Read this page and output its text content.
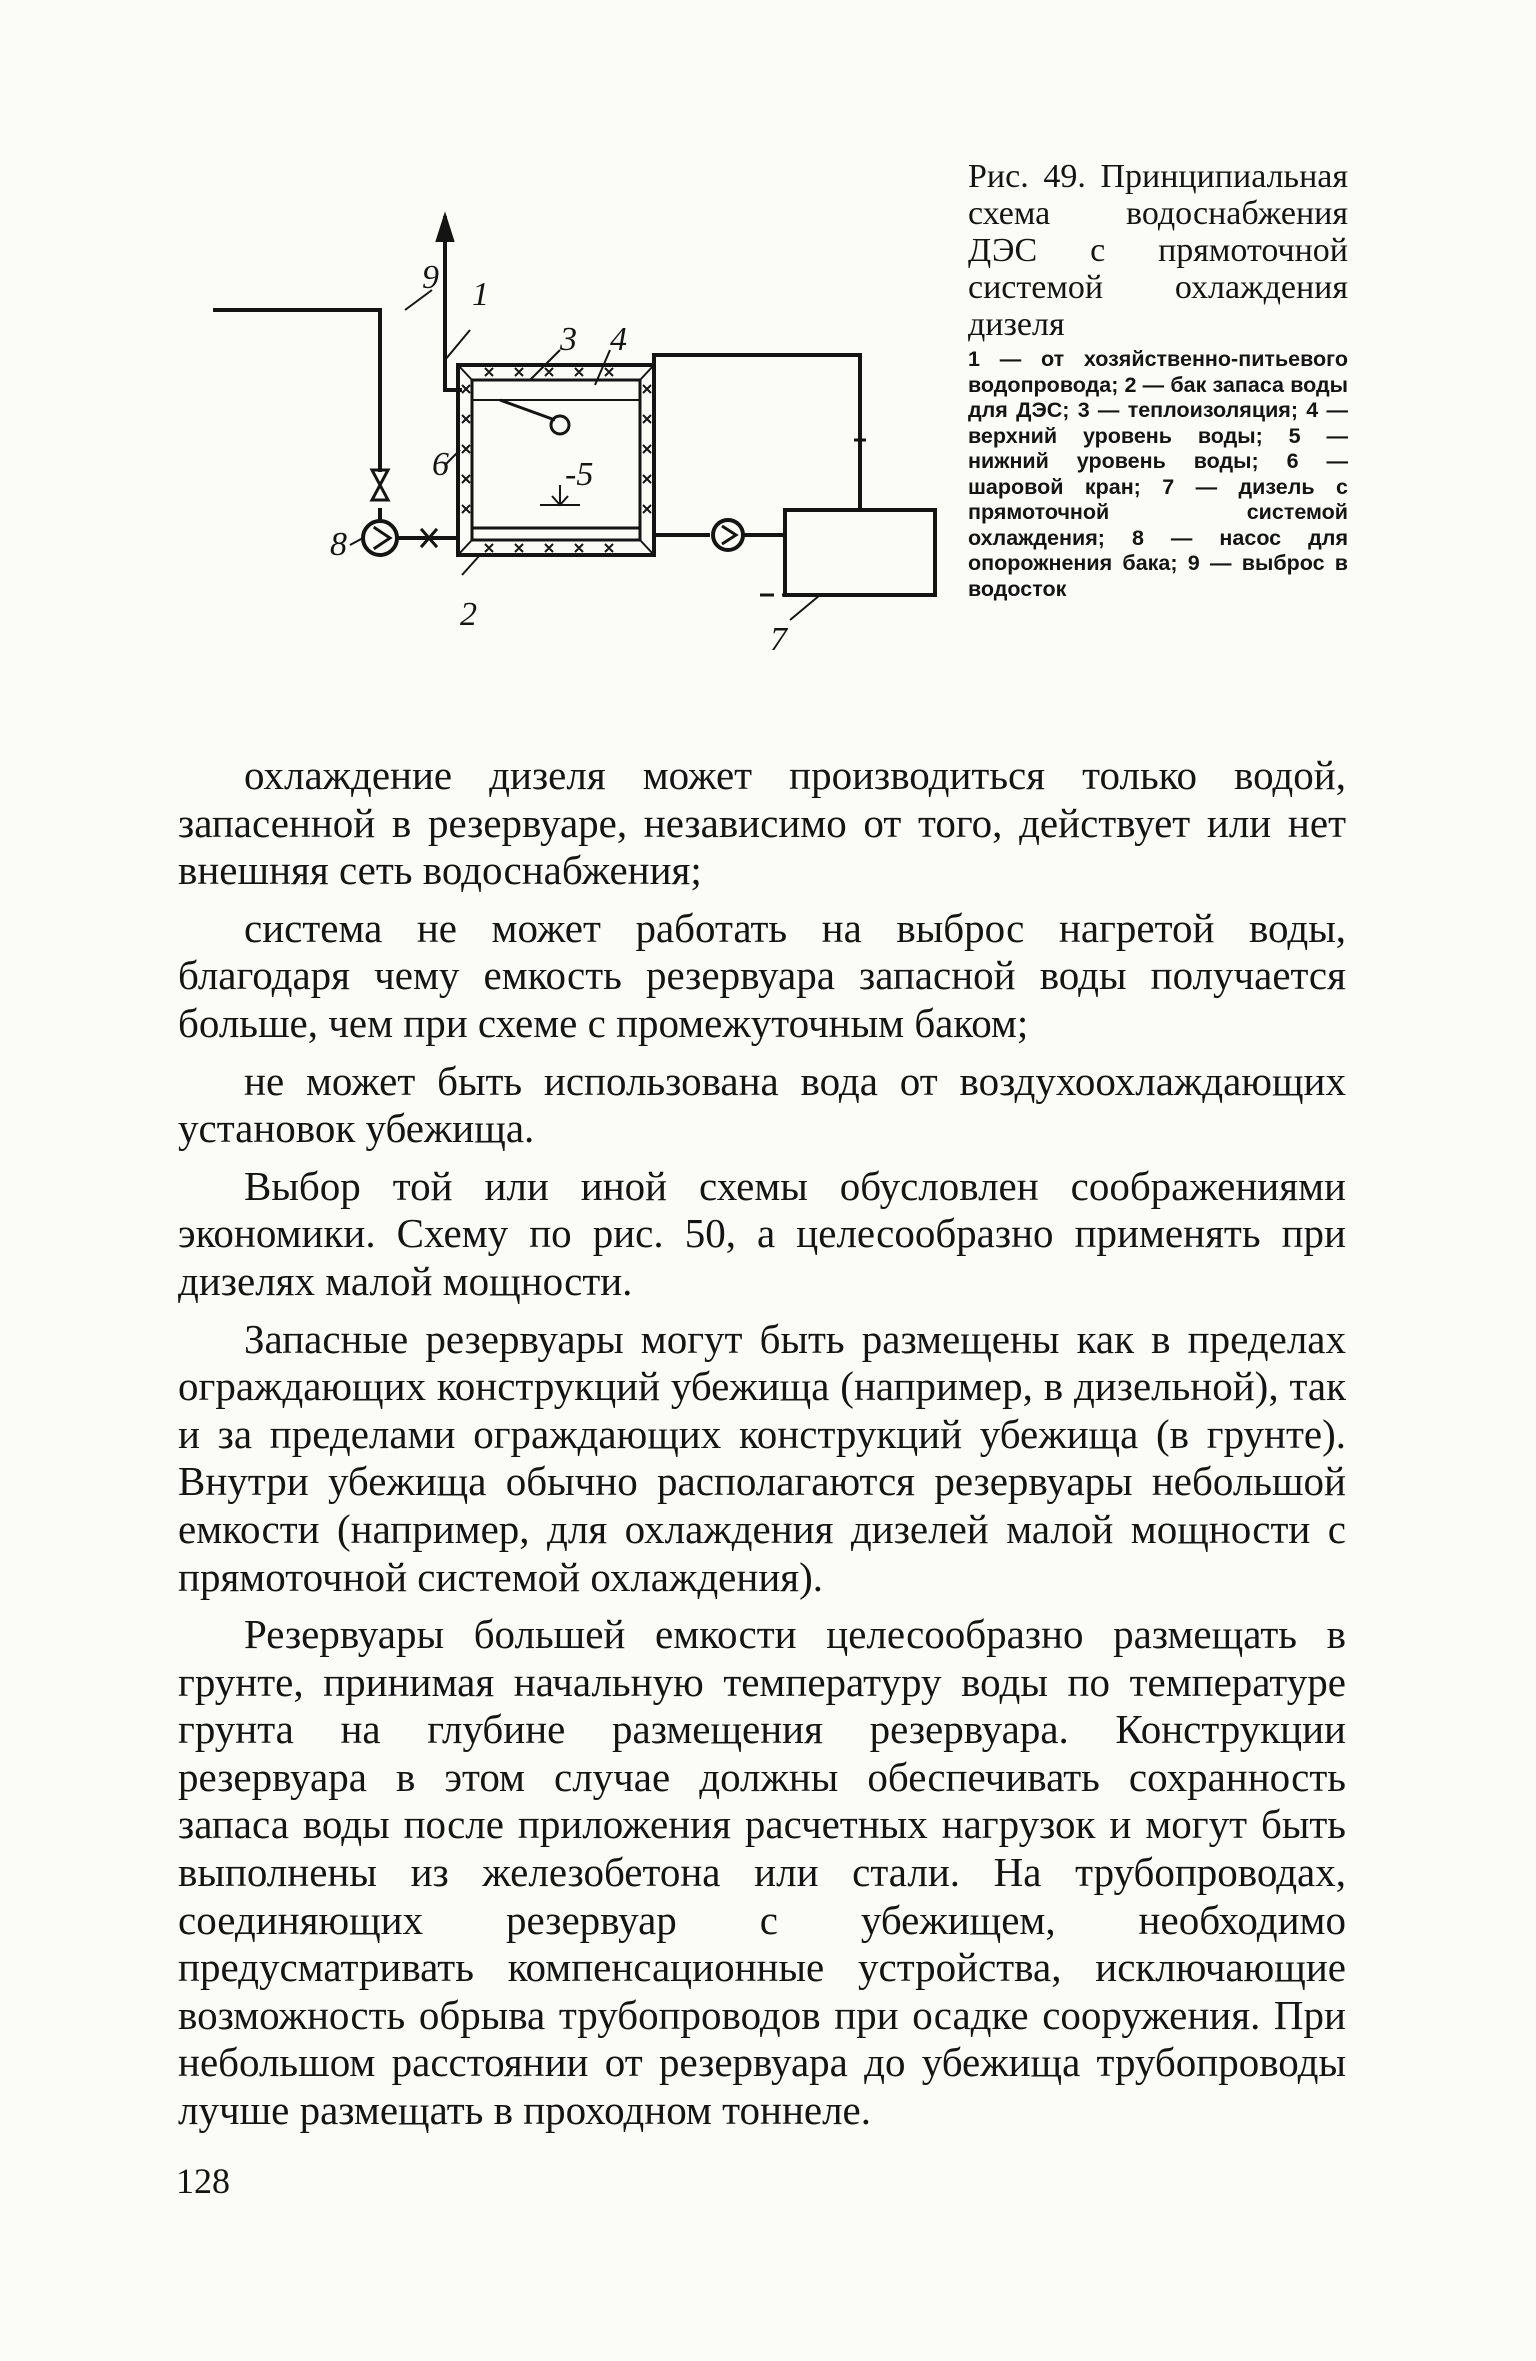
9 1
3 4
6	-5
8
2
7

Рис. 49. Принципиальная схема водоснабжения ДЭС с прямоточной системой охлаждения дизеля

1 — от хозяйственно-питьевого водопровода; 2 — бак запаса воды для ДЭС; 3 — теплоизоляция; 4 — верхний уровень воды; 5 — нижний уровень воды; 6 — шаровой кран; 7 — дизель с прямоточной системой охлаждения; 8 — насос для опорожнения бака; 9 — выброс в водосток

охлаждение дизеля может производиться только водой, запасенной в резервуаре, независимо от того, действует или нет внешняя сеть водоснабжения;

система не может работать на выброс нагретой воды, благодаря чему емкость резервуара запасной воды получается больше, чем при схеме с промежуточным баком;

не может быть использована вода от воздухоохлаждающих установок убежища.

Выбор той или иной схемы обусловлен соображениями экономики. Схему по рис. 50, а целесообразно применять при дизелях малой мощности.

Запасные резервуары могут быть размещены как в пределах ограждающих конструкций убежища (например, в дизельной), так и за пределами ограждающих конструкций убежища (в грунте). Внутри убежища обычно располагаются резервуары небольшой емкости (например, для охлаждения дизелей малой мощности с прямоточной системой охлаждения).

Резервуары большей емкости целесообразно размещать в грунте, принимая начальную температуру воды по температуре грунта на глубине размещения резервуара. Конструкции резервуара в этом случае должны обеспечивать сохранность запаса воды после приложения расчетных нагрузок и могут быть выполнены из железобетона или стали. На трубопроводах, соединяющих резервуар с убежищем, необходимо предусматривать компенсационные устройства, исключающие возможность обрыва трубопроводов при осадке сооружения. При небольшом расстоянии от резервуара до убежища трубопроводы лучше размещать в проходном тоннеле.

128
